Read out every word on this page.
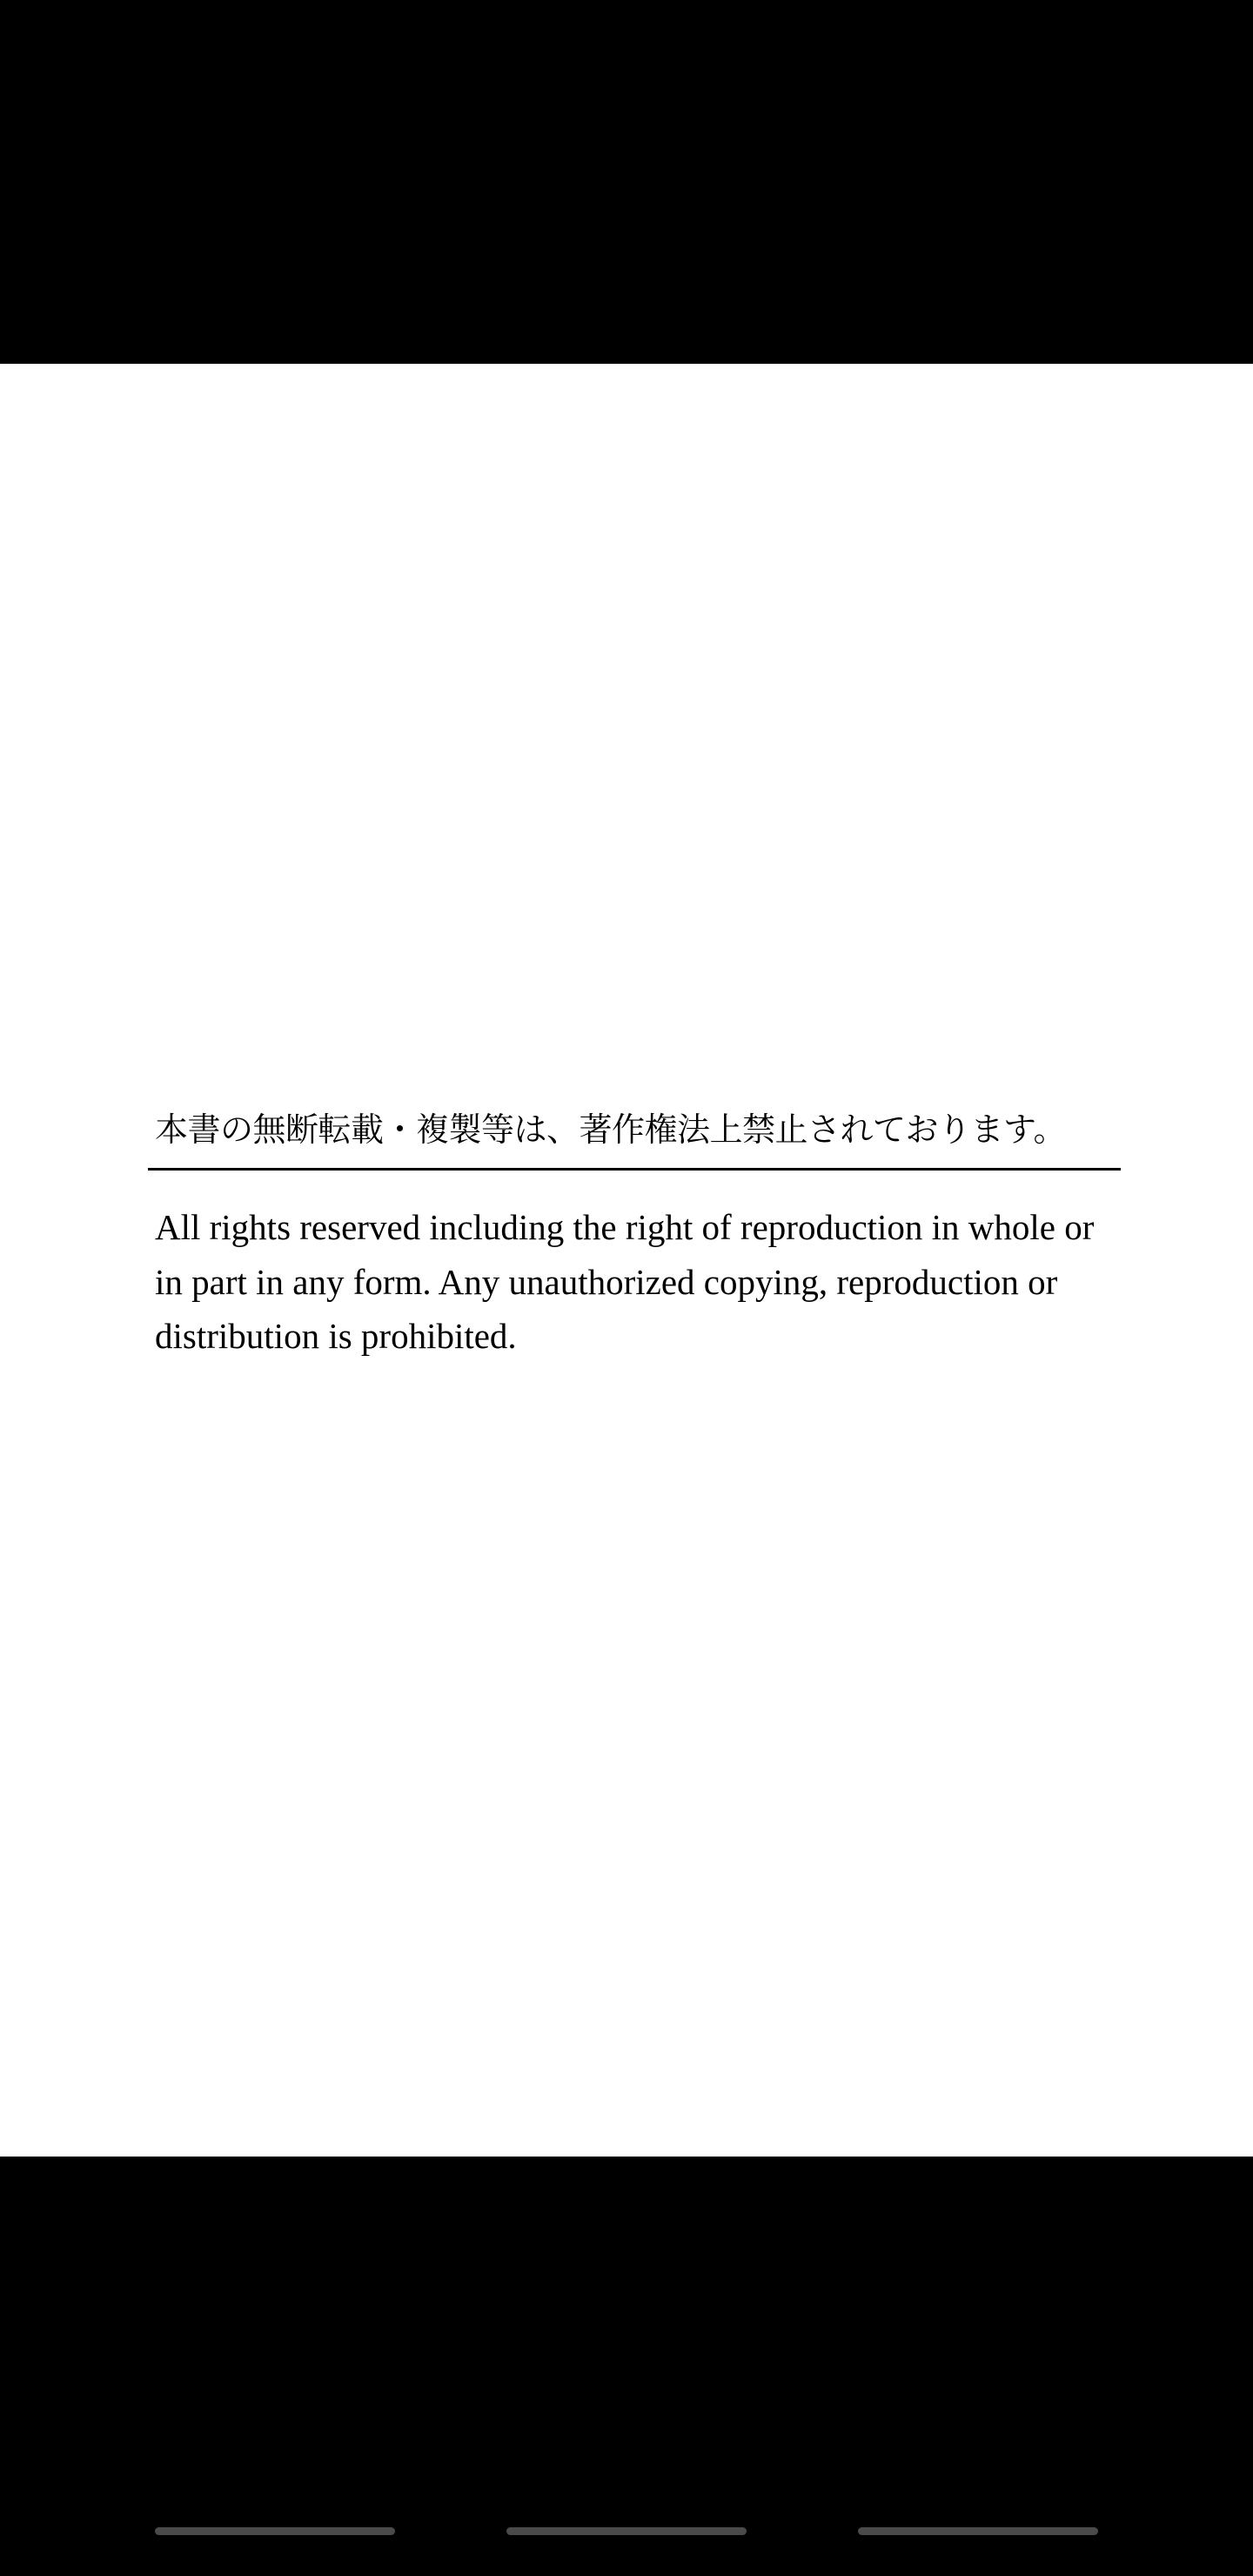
本書の無断転載・複製等は、著作権法上禁止されております。

All rights reserved including the right of reproduction in whole or in part in any form. Any unauthorized copying, reproduction or distribution is prohibited.
